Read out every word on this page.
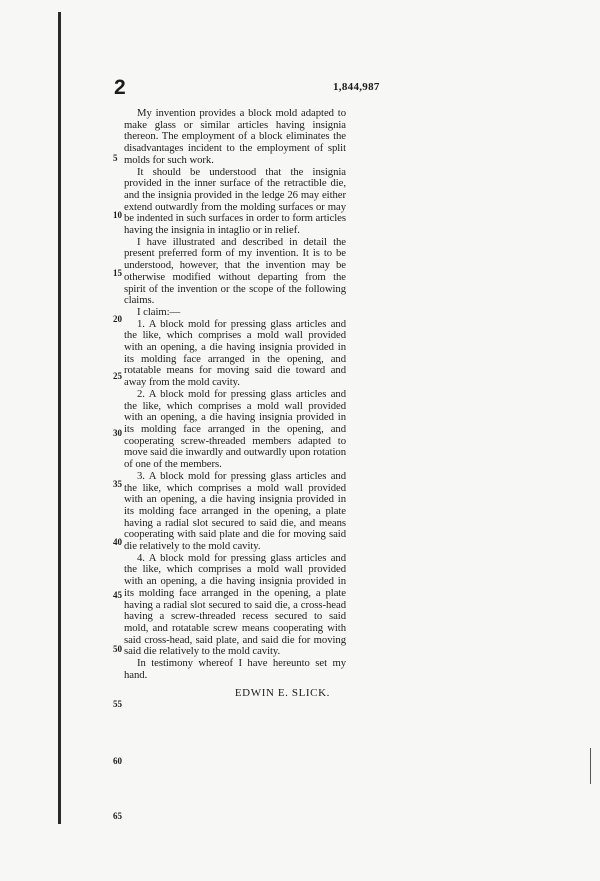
2	1,844,987
5
10
15
20
25
30
35
40
45
50
55
60
65

My invention provides a block mold adapted to make glass or similar articles having insignia thereon. The employment of a block eliminates the disadvantages incident to the employment of split molds for such work.

It should be understood that the insignia provided in the inner surface of the retractible die, and the insignia provided in the ledge 26 may either extend outwardly from the molding surfaces or may be indented in such surfaces in order to form articles having the insignia in intaglio or in relief.

I have illustrated and described in detail the present preferred form of my invention. It is to be understood, however, that the invention may be otherwise modified without departing from the spirit of the invention or the scope of the following claims.

I claim:—

1. A block mold for pressing glass articles and the like, which comprises a mold wall provided with an opening, a die having insignia provided in its molding face arranged in the opening, and rotatable means for moving said die toward and away from the mold cavity.

2. A block mold for pressing glass articles and the like, which comprises a mold wall provided with an opening, a die having insignia provided in its molding face arranged in the opening, and cooperating screw-threaded members adapted to move said die inwardly and outwardly upon rotation of one of the members.

3. A block mold for pressing glass articles and the like, which comprises a mold wall provided with an opening, a die having insignia provided in its molding face arranged in the opening, a plate having a radial slot secured to said die, and means cooperating with said plate and die for moving said die relatively to the mold cavity.

4. A block mold for pressing glass articles and the like, which comprises a mold wall provided with an opening, a die having insignia provided in its molding face arranged in the opening, a plate having a radial slot secured to said die, a cross-head having a screw-threaded recess secured to said mold, and rotatable screw means cooperating with said cross-head, said plate, and said die for moving said die relatively to the mold cavity.

In testimony whereof I have hereunto set my hand.

EDWIN E. SLICK.
